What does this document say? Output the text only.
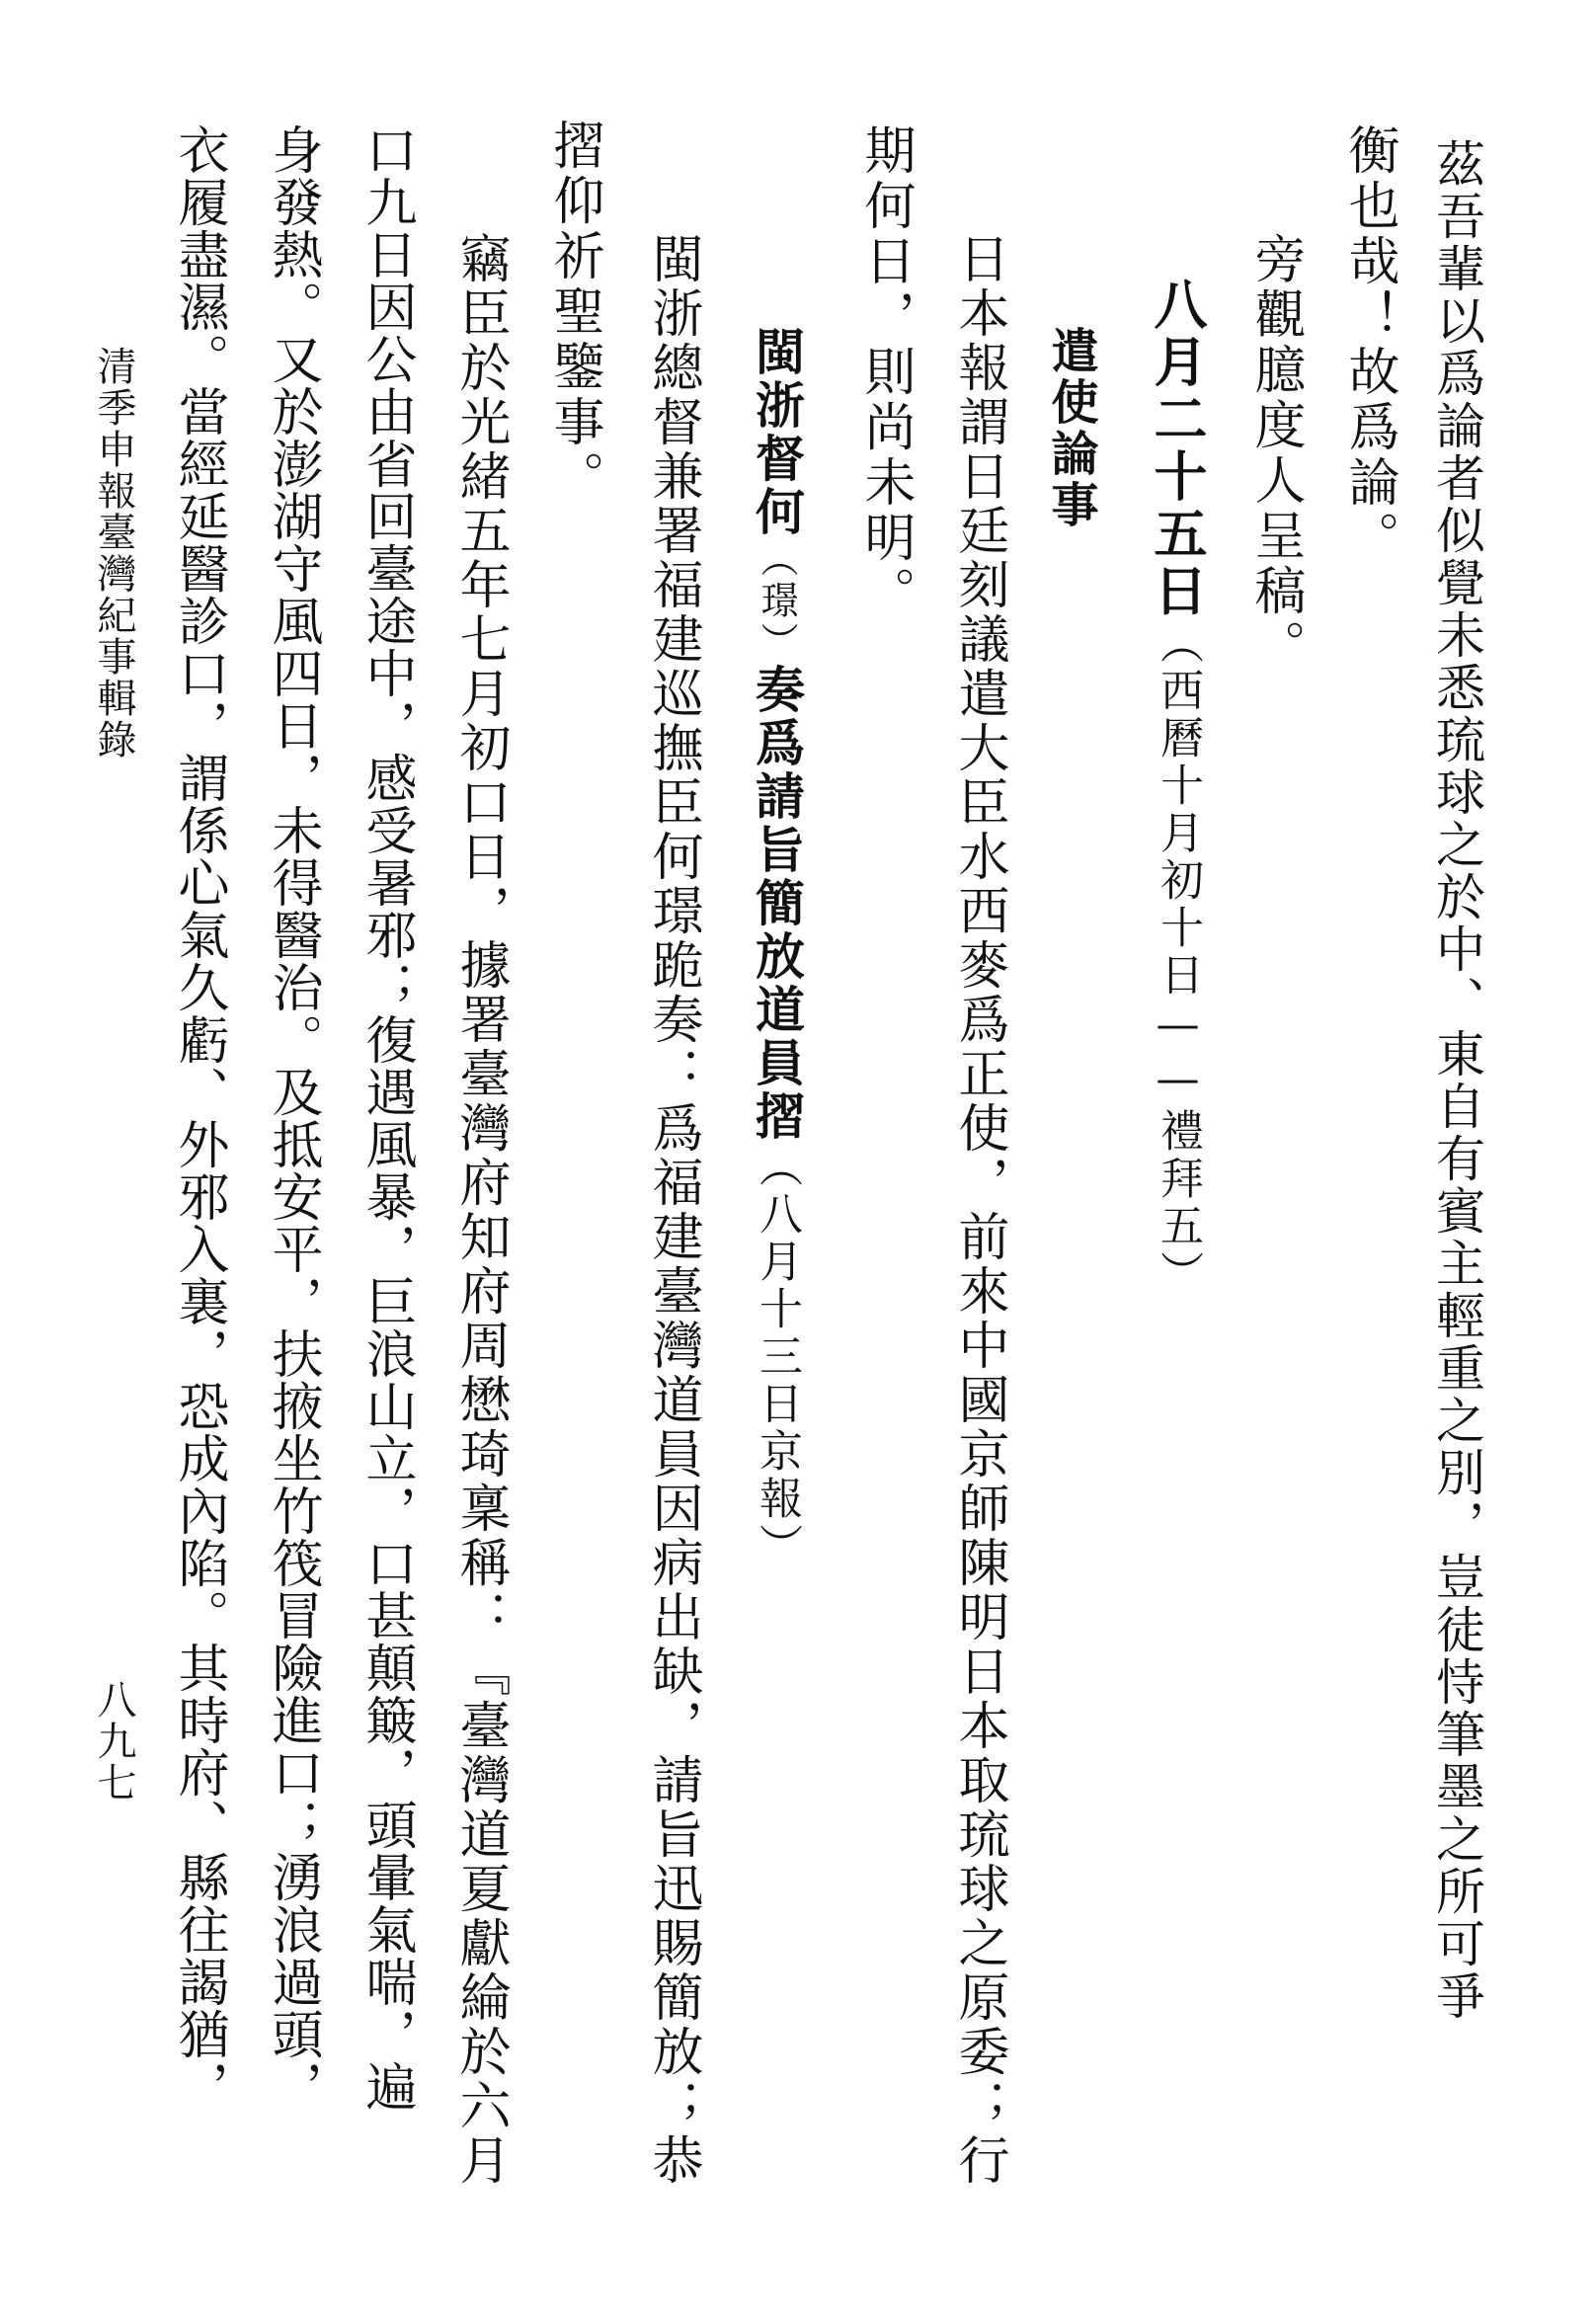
茲吾輩以爲論者似覺未悉琉球之於中、東自有賓主輕重之別，豈徒恃筆墨之所可爭
衡也哉！故爲論。
旁觀臆度人呈稿。
八月二十五日（西曆十月初十日——禮拜五）
遣使論事
日本報謂日廷刻議遣大臣水西麥爲正使，前來中國京師陳明日本取琉球之原委；行
期何日，則尚未明。
閩浙督何（璟）奏爲請旨簡放道員摺（八月十三日京報）
閩浙總督兼署福建巡撫臣何璟跪奏：爲福建臺灣道員因病出缺，請旨迅賜簡放；恭
摺仰祈聖鑒事。
竊臣於光緒五年七月初口日，據署臺灣府知府周懋琦稟稱：『臺灣道夏獻綸於六月
口九日因公由省回臺途中，感受暑邪；復遇風暴，巨浪山立，口甚顛簸，頭暈氣喘，遍
身發熱。又於澎湖守風四日，未得醫治。及抵安平，扶掖坐竹筏冒險進口；湧浪過頭，
衣履盡濕。當經延醫診口，謂係心氣久虧、外邪入裏，恐成內陷。其時府、縣往謁猶，
清季申報臺灣紀事輯錄
八九七
